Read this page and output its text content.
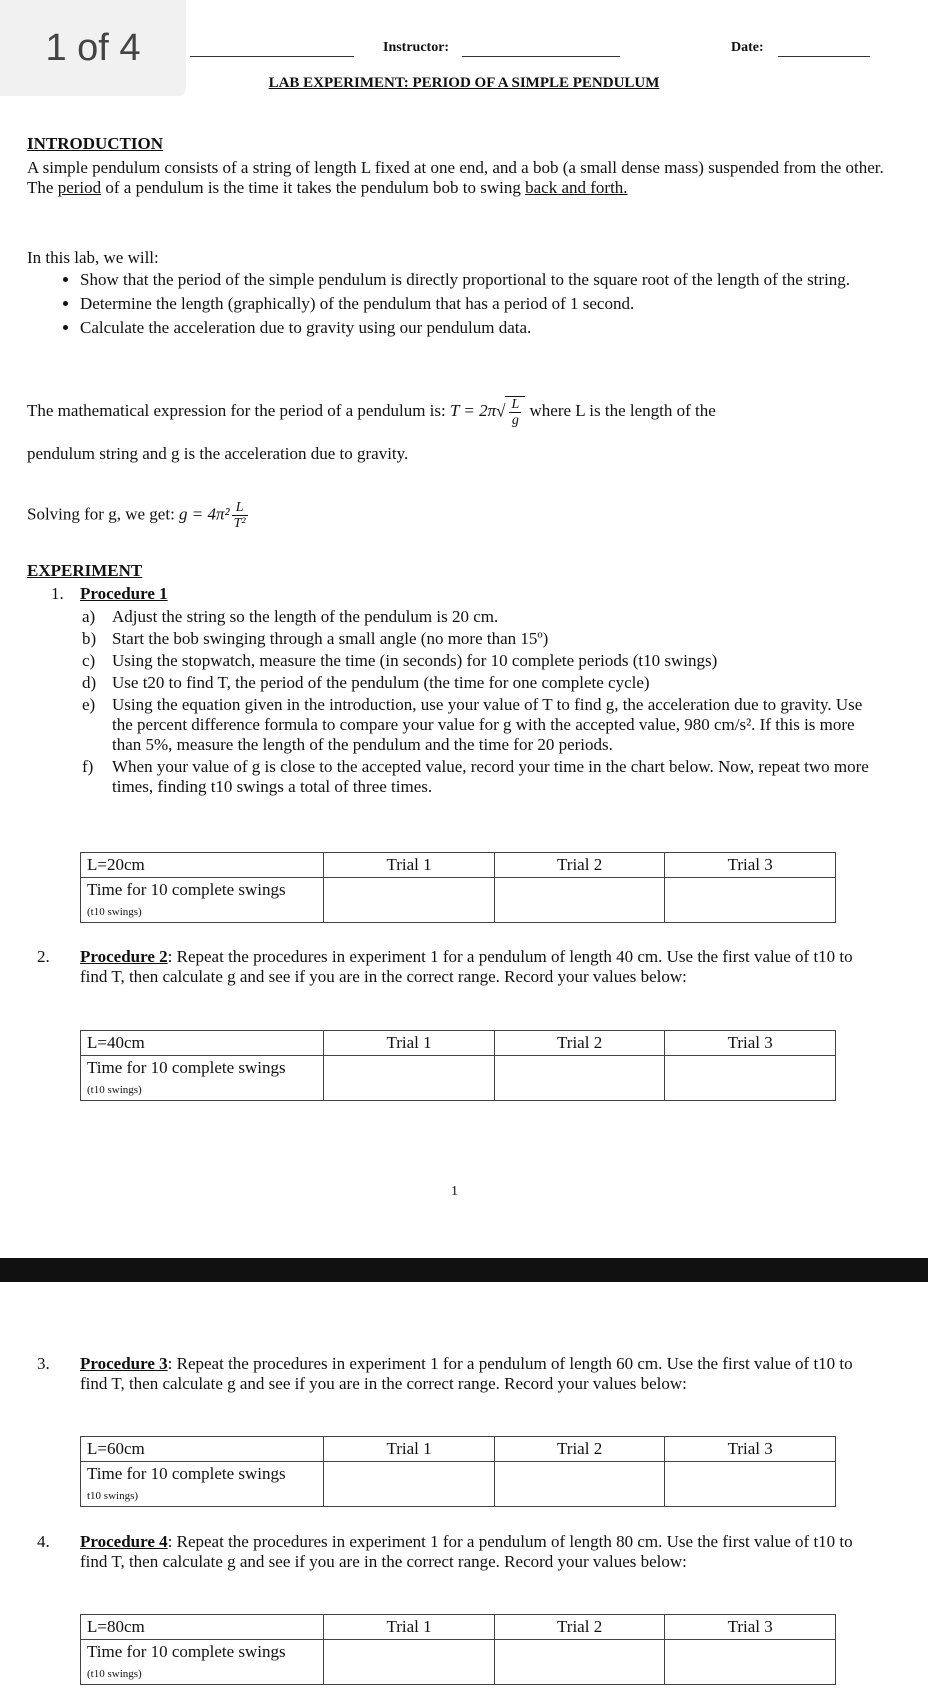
1 of 4	Instructor:	Date:
LAB EXPERIMENT: PERIOD OF A SIMPLE PENDULUM
INTRODUCTION
A simple pendulum consists of a string of length L fixed at one end, and a bob (a small dense mass) suspended from the other. The period of a pendulum is the time it takes the pendulum bob to swing back and forth.
In this lab, we will:
• Show that the period of the simple pendulum is directly proportional to the square root of the length of the string.
• Determine the length (graphically) of the pendulum that has a period of 1 second.
• Calculate the acceleration due to gravity using our pendulum data.
The mathematical expression for the period of a pendulum is: $T = 2\pi√ \frac{L}{g}$ where L is the length of the
pendulum string and g is the acceleration due to gravity.
Solving for g, we get: $g = 4\pi^2 \frac{L}{\text{T²}}$
EXPERIMENT
1. Procedure 1
a) Adjust the string so the length of the pendulum is 20 cm.
b) Start the bob swinging through a small angle (no more than 15º)
c) Using the stopwatch, measure the time (in seconds) for 10 complete periods (t10 swings)
d) Use t20 to find T, the period of the pendulum (the time for one complete cycle)
e) Using the equation given in the introduction, use your value of T to find g, the acceleration due to gravity. Use the percent difference formula to compare your value for g with the accepted value, 980 cm/s². If this is more than 5%, measure the length of the pendulum and the time for 20 periods.
f) When your value of g is close to the accepted value, record your time in the chart below. Now, repeat two more times, finding t10 swings a total of three times.
L=20cm	Trial 1	Trial 2	Trial 3
Time for 10 complete swings
(t10 swings)			
2. Procedure 2: Repeat the procedures in experiment 1 for a pendulum of length 40 cm. Use the first value of t10 to find T, then calculate g and see if you are in the correct range. Record your values below:
L=40cm	Trial 1	Trial 2	Trial 3
Time for 10 complete swings
(t10 swings)			
1
3. Procedure 3: Repeat the procedures in experiment 1 for a pendulum of length 60 cm. Use the first value of t10 to find T, then calculate g and see if you are in the correct range. Record your values below:
L=60cm	Trial 1	Trial 2	Trial 3
Time for 10 complete swings
t10 swings)			
4. Procedure 4: Repeat the procedures in experiment 1 for a pendulum of length 80 cm. Use the first value of t10 to find T, then calculate g and see if you are in the correct range. Record your values below:
L=80cm	Trial 1	Trial 2	Trial 3
Time for 10 complete swings
(t10 swings)			
